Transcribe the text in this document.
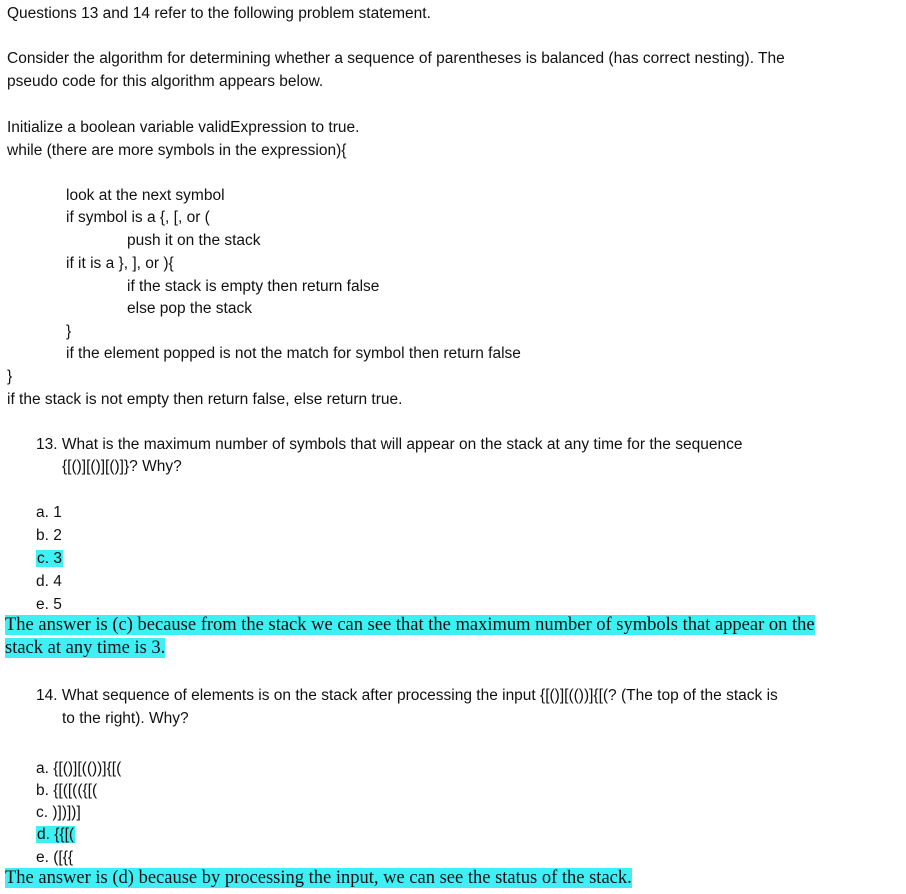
Questions 13 and 14 refer to the following problem statement.
Consider the algorithm for determining whether a sequence of parentheses is balanced (has correct nesting). The
pseudo code for this algorithm appears below.
Initialize a boolean variable validExpression to true.
while (there are more symbols in the expression){
look at the next symbol
if symbol is a {, [, or (
push it on the stack
if it is a }, ], or ){
if the stack is empty then return false
else pop the stack
}
if the element popped is not the match for symbol then return false
}
if the stack is not empty then return false, else return true.
13. What is the maximum number of symbols that will appear on the stack at any time for the sequence
{[()][()][()]}? Why?
a. 1
b. 2
c. 3
d. 4
e. 5
The answer is (c) because from the stack we can see that the maximum number of symbols that appear on the
stack at any time is 3.
14. What sequence of elements is on the stack after processing the input {[()][(())]{[(? (The top of the stack is
to the right). Why?
a. {[()][(())]{[(
b. {[([(({[(
c. )])])]
d. {{[(
e. ([{{
The answer is (d) because by processing the input, we can see the status of the stack.
